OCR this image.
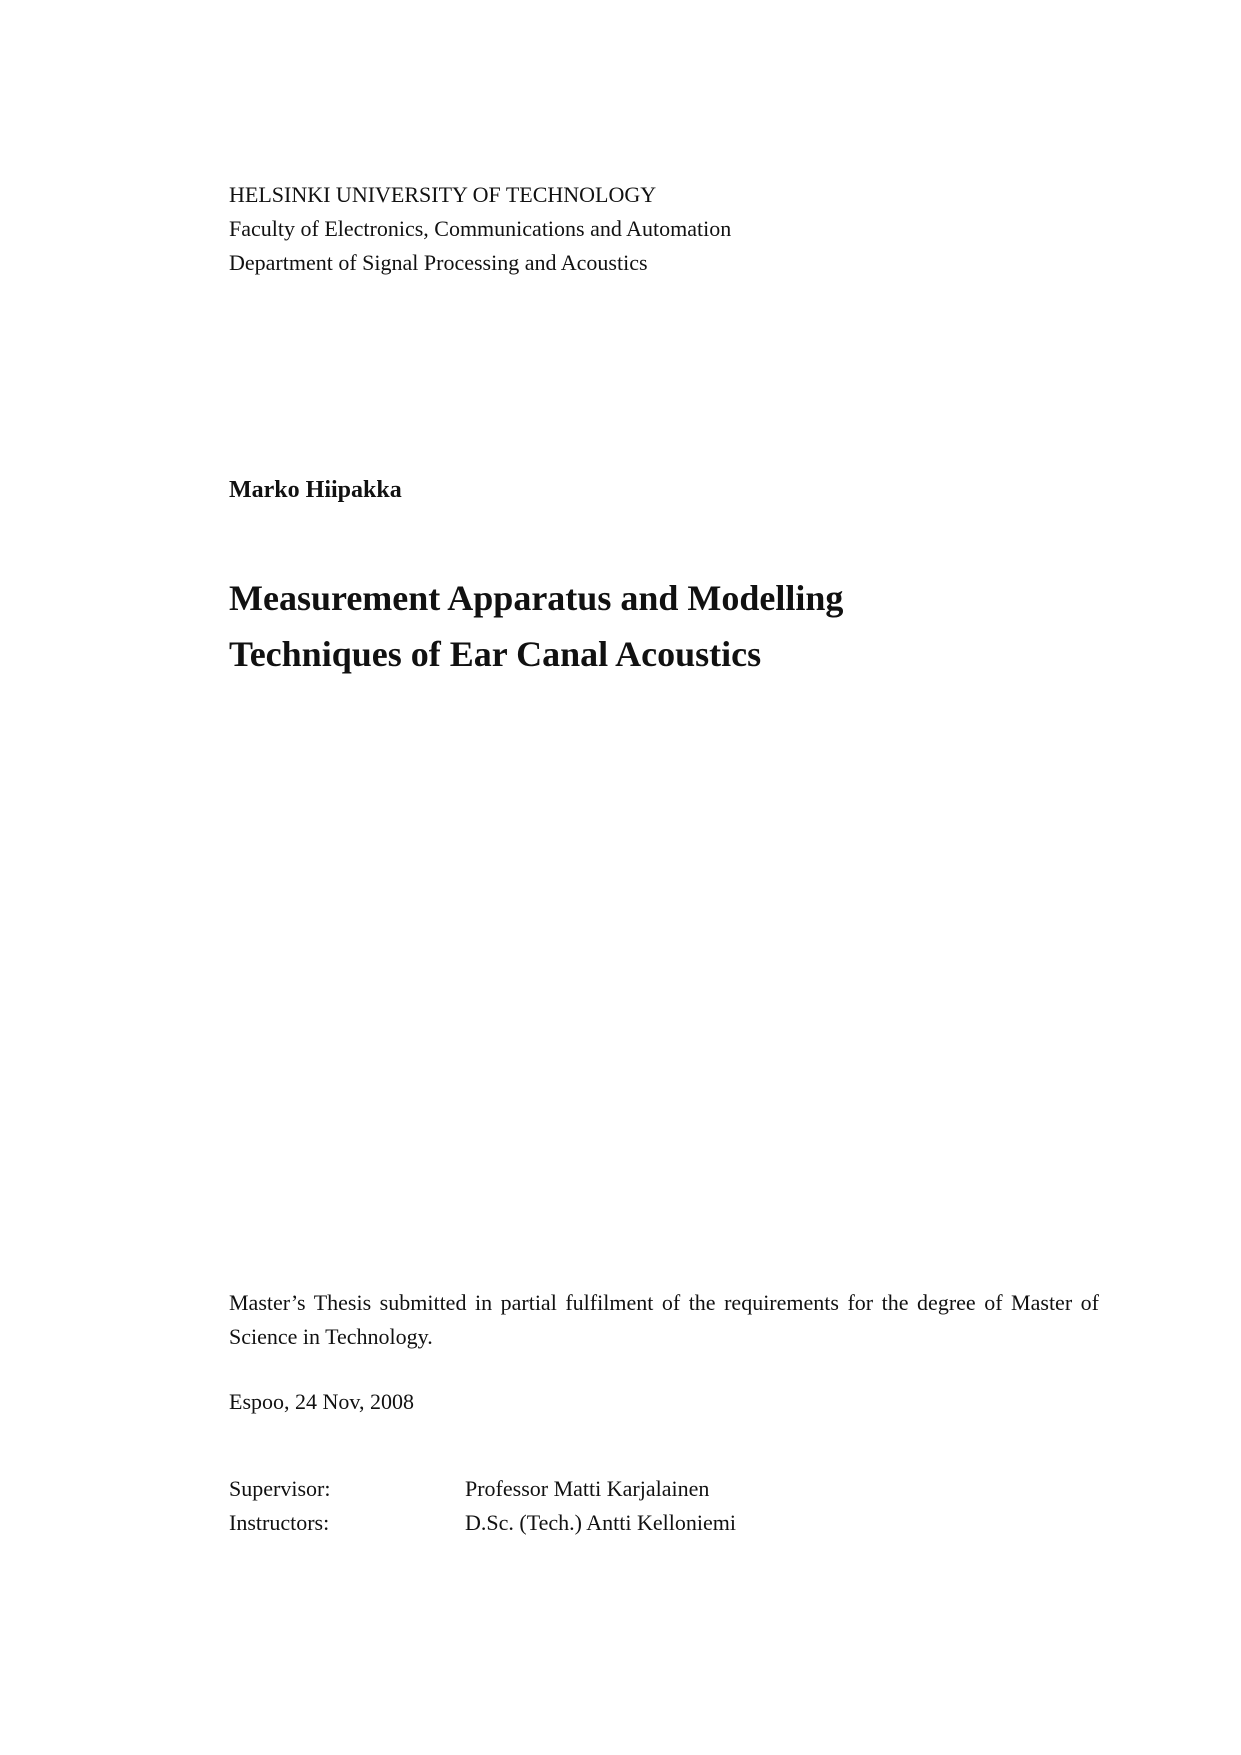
HELSINKI UNIVERSITY OF TECHNOLOGY
Faculty of Electronics, Communications and Automation
Department of Signal Processing and Acoustics
Marko Hiipakka
Measurement Apparatus and Modelling
Techniques of Ear Canal Acoustics
Master’s Thesis submitted in partial fulfilment of the requirements for the degree of Master of Science in Technology.
Espoo, 24 Nov, 2008
Supervisor:	Professor Matti Karjalainen
Instructors:	D.Sc. (Tech.) Antti Kelloniemi
